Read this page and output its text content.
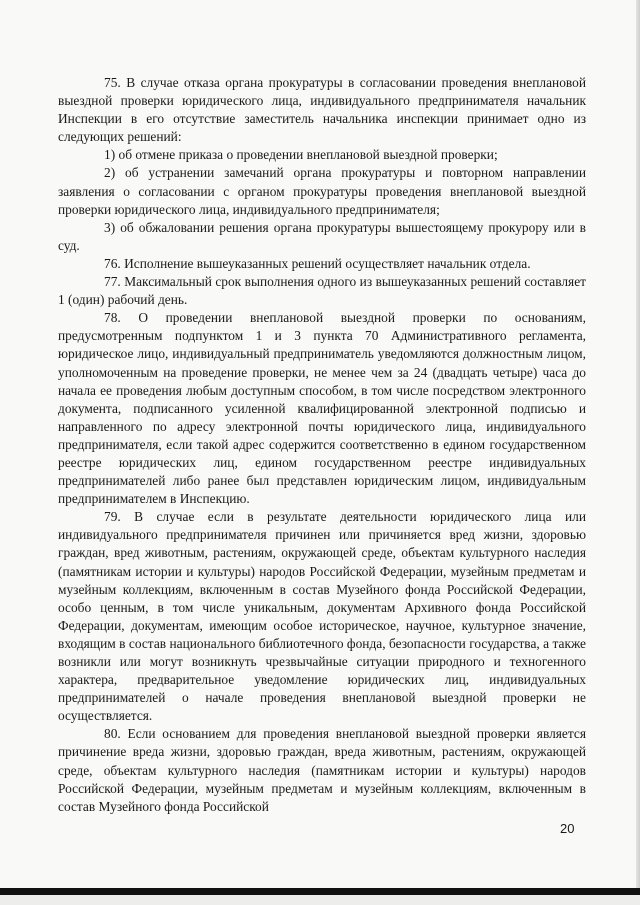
75. В случае отказа органа прокуратуры в согласовании проведения внеплановой выездной проверки юридического лица, индивидуального предпринимателя начальник Инспекции в его отсутствие заместитель начальника инспекции принимает одно из следующих решений:

1) об отмене приказа о проведении внеплановой выездной проверки;

2) об устранении замечаний органа прокуратуры и повторном направлении заявления о согласовании с органом прокуратуры проведения внеплановой выездной проверки юридического лица, индивидуального предпринимателя;

3) об обжаловании решения органа прокуратуры вышестоящему прокурору или в суд.

76. Исполнение вышеуказанных решений осуществляет начальник отдела.

77. Максимальный срок выполнения одного из вышеуказанных решений составляет 1 (один) рабочий день.

78. О проведении внеплановой выездной проверки по основаниям, предусмотренным подпунктом 1 и 3 пункта 70 Административного регламента, юридическое лицо, индивидуальный предприниматель уведомляются должностным лицом, уполномоченным на проведение проверки, не менее чем за 24 (двадцать четыре) часа до начала ее проведения любым доступным способом, в том числе посредством электронного документа, подписанного усиленной квалифицированной электронной подписью и направленного по адресу электронной почты юридического лица, индивидуального предпринимателя, если такой адрес содержится соответственно в едином государственном реестре юридических лиц, едином государственном реестре индивидуальных предпринимателей либо ранее был представлен юридическим лицом, индивидуальным предпринимателем в Инспекцию.

79. В случае если в результате деятельности юридического лица или индивидуального предпринимателя причинен или причиняется вред жизни, здоровью граждан, вред животным, растениям, окружающей среде, объектам культурного наследия (памятникам истории и культуры) народов Российской Федерации, музейным предметам и музейным коллекциям, включенным в состав Музейного фонда Российской Федерации, особо ценным, в том числе уникальным, документам Архивного фонда Российской Федерации, документам, имеющим особое историческое, научное, культурное значение, входящим в состав национального библиотечного фонда, безопасности государства, а также возникли или могут возникнуть чрезвычайные ситуации природного и техногенного характера, предварительное уведомление юридических лиц, индивидуальных предпринимателей о начале проведения внеплановой выездной проверки не осуществляется.

80. Если основанием для проведения внеплановой выездной проверки является причинение вреда жизни, здоровью граждан, вреда животным, растениям, окружающей среде, объектам культурного наследия (памятникам истории и культуры) народов Российской Федерации, музейным предметам и музейным коллекциям, включенным в состав Музейного фонда Российской

20
